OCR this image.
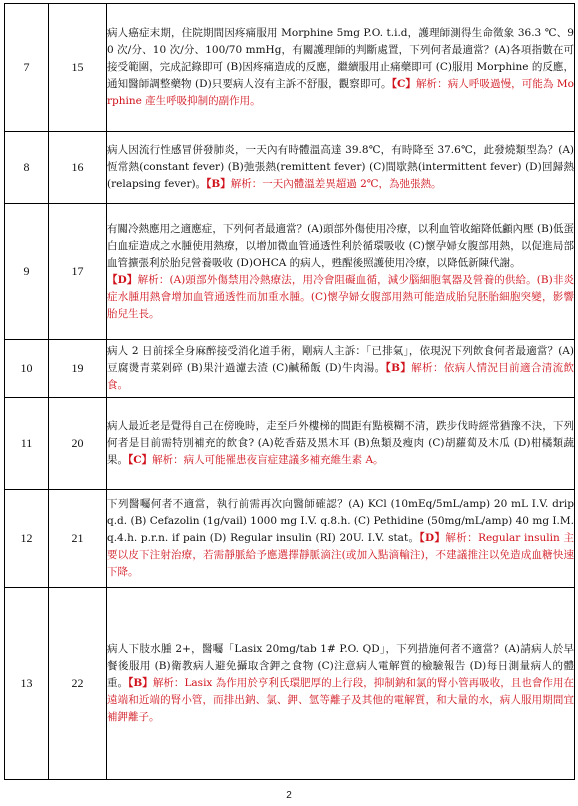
7	15	病人癌症末期，住院期間因疼痛服用 Morphine 5mg P.O. t.i.d，護理師測得生命徵象 36.3 ℃、90 次/分、10 次/分、100/70 mmHg，有關護理師的判斷處置，下列何者最適當？(A)各項指數在可接受範圍，完成記錄即可 (B)因疼痛造成的反應，繼續服用止痛藥即可 (C)服用 Morphine 的反應，通知醫師調整藥物 (D)只要病人沒有主訴不舒服，觀察即可。【C】解析：病人呼吸過慢，可能為 Morphine 產生呼吸抑制的副作用。
8	16	病人因流行性感冒併發肺炎，一天內有時體溫高達 39.8℃，有時降至 37.6℃，此發燒類型為？(A)恆常熱(constant fever) (B)弛張熱(remittent fever) (C)間歇熱(intermittent fever) (D)回歸熱(relapsing fever)。【B】解析：一天內體溫差異超過 2℃，為弛張熱。
9	17	有關冷熱應用之適應症，下列何者最適當？(A)頭部外傷使用冷療，以利血管收縮降低顱內壓 (B)低蛋白血症造成之水腫使用熱療，以增加微血管通透性利於循環吸收 (C)懷孕婦女腹部用熱，以促進局部血管擴張利於胎兒營養吸收 (D)OHCA 的病人，甦醒後照護使用冷療，以降低新陳代謝。
【D】解析：(A)頭部外傷禁用冷熱療法，用冷會阻礙血循，減少腦細胞氧器及營養的供給。(B)非炎症水腫用熱會增加血管通透性而加重水腫。(C)懷孕婦女腹部用熱可能造成胎兒胚胎細胞突變，影響胎兒生長。
10	19	病人 2 日前採全身麻醉接受消化道手術，剛病人主訴：「已排氣」，依現況下列飲食何者最適當？(A)豆腐燙青菜剁碎 (B)果汁過濾去渣 (C)鹹稀飯 (D)牛肉湯。【B】解析：依病人情況目前適合清流飲食。
11	20	病人最近老是覺得自己在傍晚時，走至戶外樓梯的間距有點模糊不清，跌步伐時經常猶豫不決，下列何者是目前需特別補充的飲食? (A)乾香菇及黑木耳 (B)魚類及瘦肉 (C)胡蘿蔔及木瓜 (D)柑橘類蔬果。【C】解析：病人可能罹患夜盲症建議多補充維生素 A。
12	21	下列醫囑何者不適當，執行前需再次向醫師確認？(A) KCl (10mEq/5mL/amp) 20 mL I.V. drip q.d. (B) Cefazolin (1g/vail) 1000 mg I.V. q.8.h. (C) Pethidine (50mg/mL/amp) 40 mg I.M. q.4.h. p.r.n. if pain (D) Regular insulin (RI) 20U. I.V. stat。【D】解析：Regular insulin 主要以皮下注射治療，若需靜脈給予應選擇靜脈滴注(或加入點滴輸注)，不建議推注以免造成血糖快速下降。
13	22	病人下肢水腫 2+，醫囑「Lasix 20mg/tab 1# P.O. QD」，下列措施何者不適當？(A)請病人於早餐後服用 (B)衛教病人避免攝取含鉀之食物 (C)注意病人電解質的檢驗報告 (D)每日測量病人的體重。【B】解析：Lasix 為作用於亨利氏環肥厚的上行段，抑制鈉和氯的腎小管再吸收，且也會作用在遠端和近端的腎小管，而排出鈉、氯、鉀、氫等離子及其他的電解質，和大量的水，病人服用期間宜補鉀離子。
2
